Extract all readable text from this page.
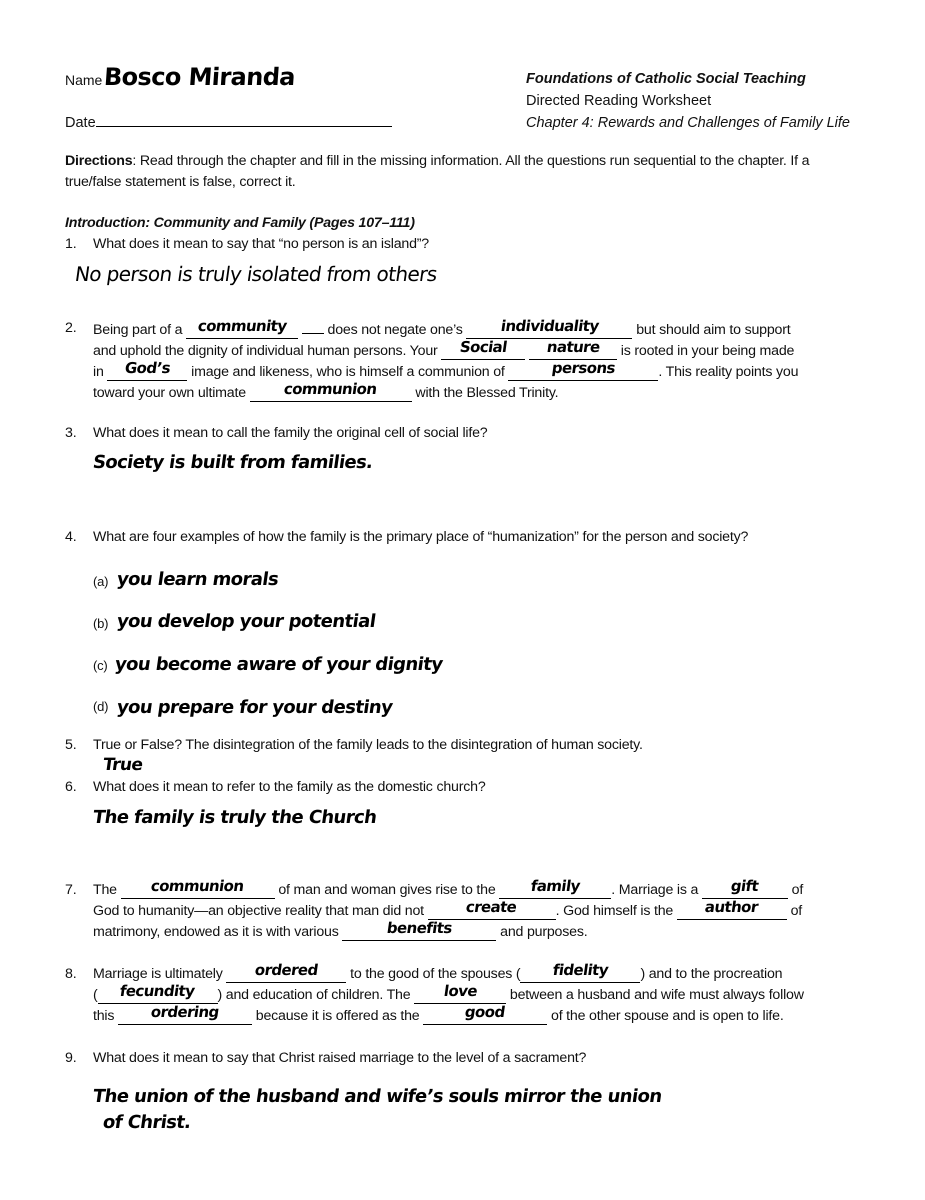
NameBosco Miranda
Date
Foundations of Catholic Social Teaching
Directed Reading Worksheet
Chapter 4: Rewards and Challenges of Family Life
Directions: Read through the chapter and fill in the missing information. All the questions run sequential to the chapter. If a true/false statement is false, correct it.
Introduction: Community and Family (Pages 107–111)
1.	What does it mean to say that “no person is an island”?
No person is truly isolated from others
2.	Being part of a community	does not negate one’s individuality	but should aim to support
and uphold the dignity of individual human persons. Your Social	nature is rooted in your being made
in God’s image and likeness, who is himself a communion of	persons	. This reality points you
toward your own ultimate communion	with the Blessed Trinity.
3.	What does it mean to call the family the original cell of social life?
Society is built from families.
4.	What are four examples of how the family is the primary place of “humanization” for the person and society?
(a) you learn morals
(b) you develop your potential
(c) you become aware of your dignity
(d) you prepare for your destiny
5.	True or False? The disintegration of the family leads to the disintegration of human society.
True
6.	What does it mean to refer to the family as the domestic church?
The family is truly the Church
7.	The communion of man and woman gives rise to the family . Marriage is a gift of
God to humanity—an objective reality that man did not	create	. God himself is the author of
matrimony, endowed as it is with various	benefits	and purposes.
8.	Marriage is ultimately ordered to the good of the spouses ( fidelity ) and to the procreation
( fecundity ) and education of children. The love between a husband and wife must always follow
this ordering	because it is offered as the	good	of the other spouse and is open to life.
9.	What does it mean to say that Christ raised marriage to the level of a sacrament?
The union of the husband and wife’s souls mirror the union
of Christ.
